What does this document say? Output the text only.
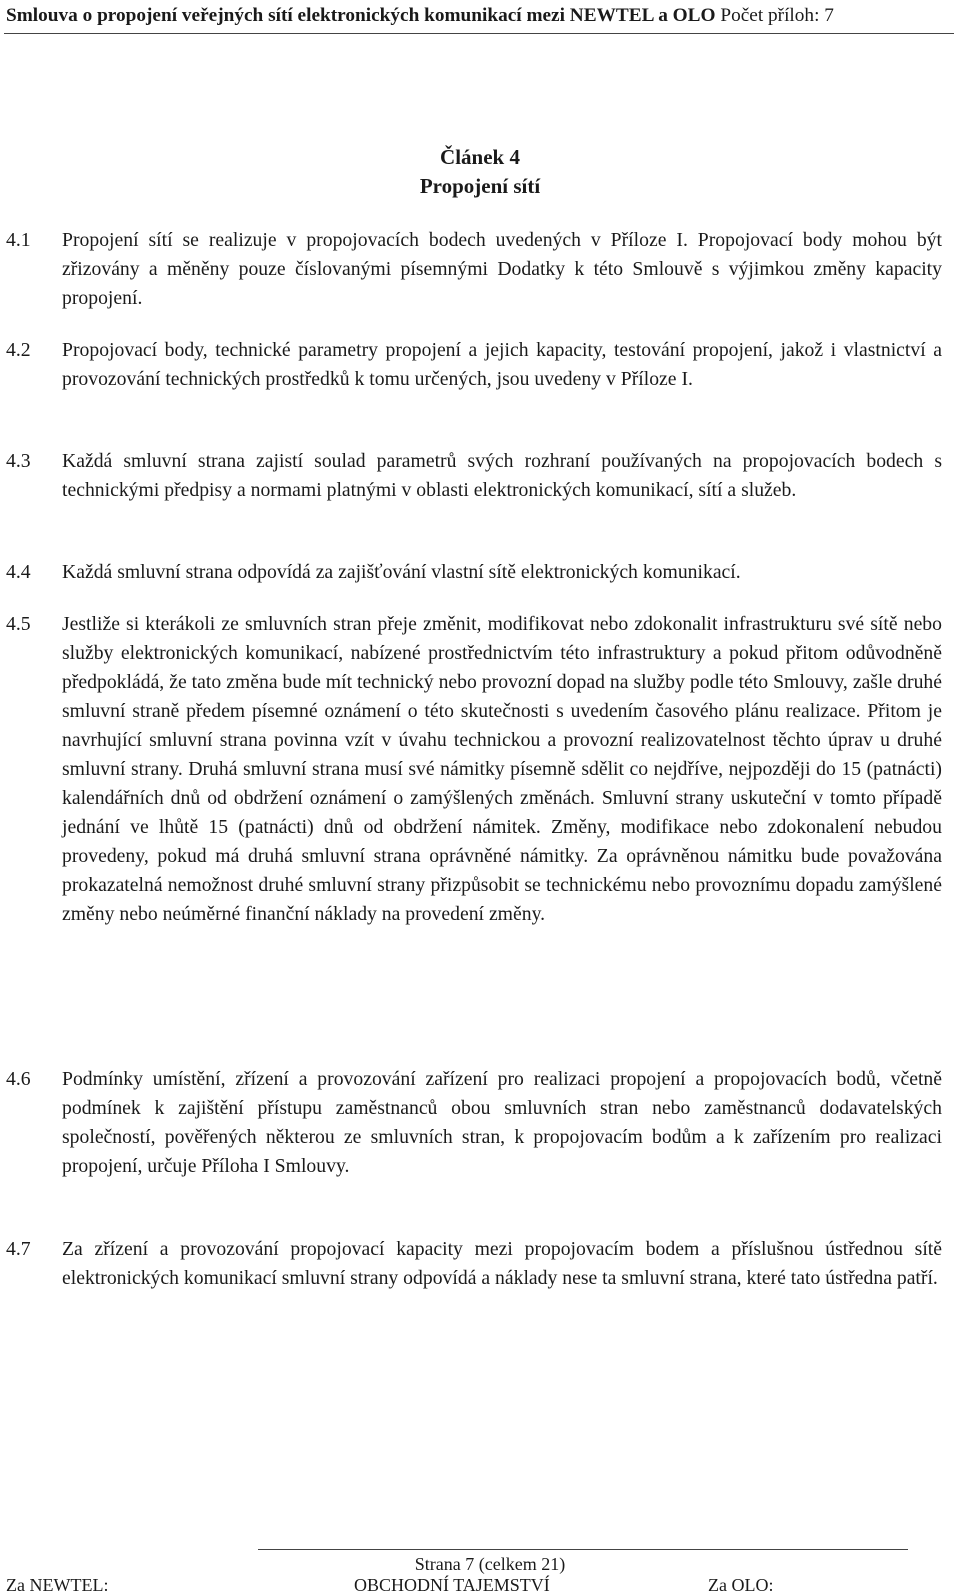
Smlouva o propojení veřejných sítí elektronických komunikací mezi NEWTEL a OLO Počet příloh: 7
Článek 4
Propojení sítí
4.1	Propojení sítí se realizuje v propojovacích bodech uvedených v Příloze I. Propojovací body mohou být zřizovány a měněny pouze číslovanými písemnými Dodatky k této Smlouvě s výjimkou změny kapacity propojení.
4.2	Propojovací body, technické parametry propojení a jejich kapacity, testování propojení, jakož i vlastnictví a provozování technických prostředků k tomu určených, jsou uvedeny v Příloze I.
4.3	Každá smluvní strana zajistí soulad parametrů svých rozhraní používaných na propojovacích bodech s technickými předpisy a normami platnými v oblasti elektronických komunikací, sítí a služeb.
4.4	Každá smluvní strana odpovídá za zajišťování vlastní sítě elektronických komunikací.
4.5	Jestliže si kterákoli ze smluvních stran přeje změnit, modifikovat nebo zdokonalit infrastrukturu své sítě nebo služby elektronických komunikací, nabízené prostřednictvím této infrastruktury a pokud přitom odůvodněně předpokládá, že tato změna bude mít technický nebo provozní dopad na služby podle této Smlouvy, zašle druhé smluvní straně předem písemné oznámení o této skutečnosti s uvedením časového plánu realizace. Přitom je navrhující smluvní strana povinna vzít v úvahu technickou a provozní realizovatelnost těchto úprav u druhé smluvní strany. Druhá smluvní strana musí své námitky písemně sdělit co nejdříve, nejpozději do 15 (patnácti) kalendářních dnů od obdržení oznámení o zamýšlených změnách. Smluvní strany uskuteční v tomto případě jednání ve lhůtě 15 (patnácti) dnů od obdržení námitek. Změny, modifikace nebo zdokonalení nebudou provedeny, pokud má druhá smluvní strana oprávněné námitky. Za oprávněnou námitku bude považována prokazatelná nemožnost druhé smluvní strany přizpůsobit se technickému nebo provoznímu dopadu zamýšlené změny nebo neúměrné finanční náklady na provedení změny.
4.6	Podmínky umístění, zřízení a provozování zařízení pro realizaci propojení a propojovacích bodů, včetně podmínek k zajištění přístupu zaměstnanců obou smluvních stran nebo zaměstnanců dodavatelských společností, pověřených některou ze smluvních stran, k propojovacím bodům a k zařízením pro realizaci propojení, určuje Příloha I Smlouvy.
4.7	Za zřízení a provozování propojovací kapacity mezi propojovacím bodem a příslušnou ústřednou sítě elektronických komunikací smluvní strany odpovídá a náklady nese ta smluvní strana, které tato ústředna patří.
Strana 7 (celkem 21)
Za NEWTEL:	OBCHODNÍ TAJEMSTVÍ	Za OLO:
